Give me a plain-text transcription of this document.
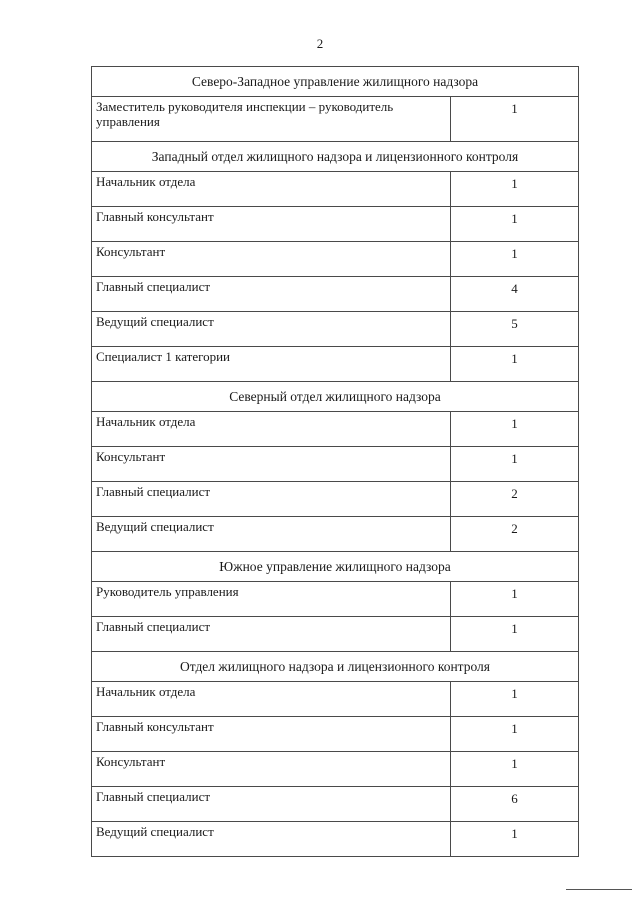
2
Северо-Западное управление жилищного надзора	
Заместитель руководителя инспекции – руководитель управления	1
Западный отдел жилищного надзора и лицензионного контроля	
Начальник отдела	1
Главный консультант	1
Консультант	1
Главный специалист	4
Ведущий специалист	5
Специалист 1 категории	1
Северный отдел жилищного надзора	
Начальник отдела	1
Консультант	1
Главный специалист	2
Ведущий специалист	2
Южное управление жилищного надзора	
Руководитель управления	1
Главный специалист	1
Отдел жилищного надзора и лицензионного контроля	
Начальник отдела	1
Главный консультант	1
Консультант	1
Главный специалист	6
Ведущий специалист	1
